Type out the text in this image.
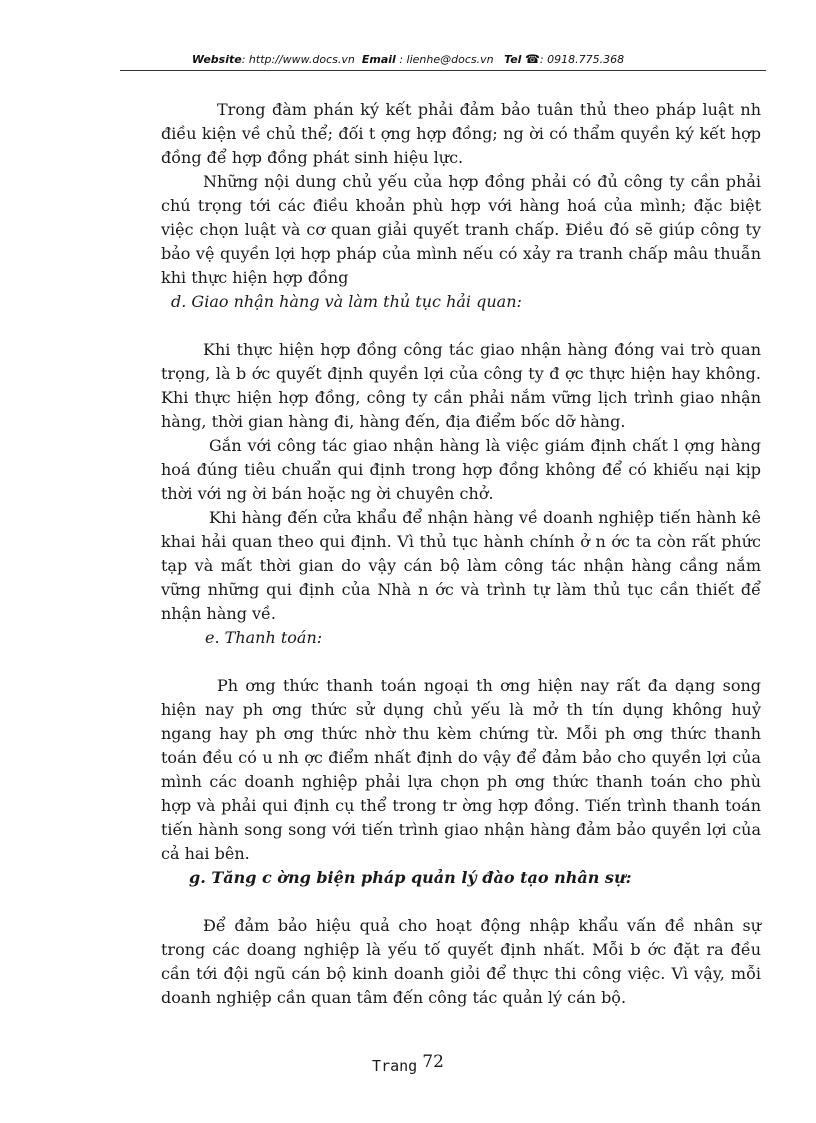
Website: http://www.docs.vn Email : lienhe@docs.vn Tel ☎: 0918.775.368

Trong đàm phán ký kết phải đảm bảo tuân thủ theo pháp luật nh điều kiện về chủ thể; đối t ợng hợp đồng; ng ời có thẩm quyền ký kết hợp đồng để hợp đồng phát sinh hiệu lực.

Những nội dung chủ yếu của hợp đồng phải có đủ công ty cần phải chú trọng tới các điều khoản phù hợp với hàng hoá của mình; đặc biệt việc chọn luật và cơ quan giải quyết tranh chấp. Điều đó sẽ giúp công ty bảo vệ quyền lợi hợp pháp của mình nếu có xảy ra tranh chấp mâu thuẫn khi thực hiện hợp đồng

d. Giao nhận hàng và làm thủ tục hải quan:

Khi thực hiện hợp đồng công tác giao nhận hàng đóng vai trò quan trọng, là b ớc quyết định quyền lợi của công ty đ ợc thực hiện hay không. Khi thực hiện hợp đồng, công ty cần phải nắm vững lịch trình giao nhận hàng, thời gian hàng đi, hàng đến, địa điểm bốc dỡ hàng.

Gắn với công tác giao nhận hàng là việc giám định chất l ợng hàng hoá đúng tiêu chuẩn qui định trong hợp đồng không để có khiếu nại kịp thời với ng ời bán hoặc ng ời chuyên chở.

Khi hàng đến cửa khẩu để nhận hàng về doanh nghiệp tiến hành kê khai hải quan theo qui định. Vì thủ tục hành chính ở n ớc ta còn rất phức tạp và mất thời gian do vậy cán bộ làm công tác nhận hàng cầng nắm vững những qui định của Nhà n ớc và trình tự làm thủ tục cần thiết để nhận hàng về.

e. Thanh toán:

Ph ơng thức thanh toán ngoại th ơng hiện nay rất đa dạng song hiện nay ph ơng thức sử dụng chủ yếu là mở th tín dụng không huỷ ngang hay ph ơng thức nhờ thu kèm chứng từ. Mỗi ph ơng thức thanh toán đều có u nh ợc điểm nhất định do vậy để đảm bảo cho quyền lợi của mình các doanh nghiệp phải lựa chọn ph ơng thức thanh toán cho phù hợp và phải qui định cụ thể trong tr ờng hợp đồng. Tiến trình thanh toán tiến hành song song với tiến trình giao nhận hàng đảm bảo quyền lợi của cả hai bên.

g. Tăng c ờng biện pháp quản lý đào tạo nhân sự:

Để đảm bảo hiệu quả cho hoạt động nhập khẩu vấn đề nhân sự trong các doang nghiệp là yếu tố quyết định nhất. Mỗi b ớc đặt ra đều cần tới đội ngũ cán bộ kinh doanh giỏi để thực thi công việc. Vì vậy, mỗi doanh nghiệp cần quan tâm đến công tác quản lý cán bộ.

Trang 72
